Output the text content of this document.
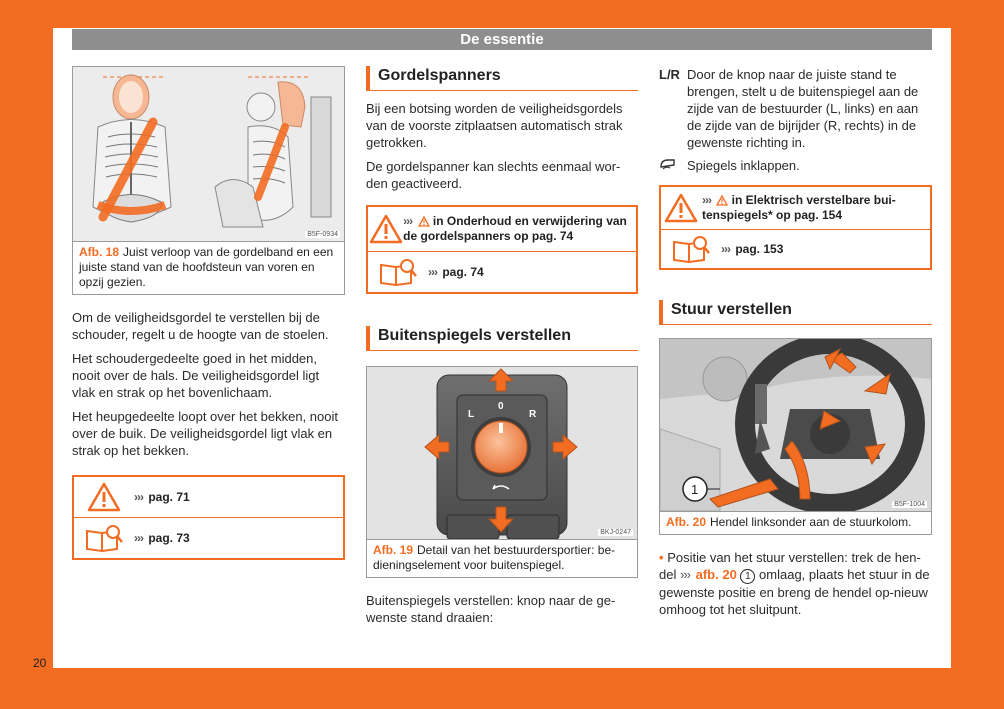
De essentie
B5F-0934
Afb. 18 Juist verloop van de gordelband en een juiste stand van de hoofdsteun van voren en opzij gezien.

Om de veiligheidsgordel te verstellen bij de schouder, regelt u de hoogte van de stoelen.

Het schoudergedeelte goed in het midden, nooit over de hals. De veiligheidsgordel ligt vlak en strak op het bovenlichaam.

Het heupgedeelte loopt over het bekken, nooit over de buik. De veiligheidsgordel ligt vlak en strak op het bekken.

››› pag. 71
››› pag. 73
Gordelspanners

Bij een botsing worden de veiligheidsgordels van de voorste zitplaatsen automatisch strak getrokken.

De gordelspanner kan slechts eenmaal wor-den geactiveerd.

››› in Onderhoud en verwijdering van de gordelspanners op pag. 74
››› pag. 74
Buitenspiegels verstellen
L
0
R
BKJ-0247
Afb. 19 Detail van het bestuurdersportier: be-dieningselement voor buitenspiegel.

Buitenspiegels verstellen: knop naar de ge-wenste stand draaien:

L/R Door de knop naar de juiste stand te brengen, stelt u de buitenspiegel aan de zijde van de bestuurder (L, links) en aan de zijde van de bijrijder (R, rechts) in de gewenste richting in.
Spiegels inklappen.
››› in Elektrisch verstelbare bui-tenspiegels* op pag. 154
››› pag. 153
Stuur verstellen
1
B5F-1004
Afb. 20 Hendel linksonder aan de stuurkolom.

• Positie van het stuur verstellen: trek de hen-del ››› afb. 20 1 omlaag, plaats het stuur in de gewenste positie en breng de hendel op-nieuw omhoog tot het sluitpunt.

20
